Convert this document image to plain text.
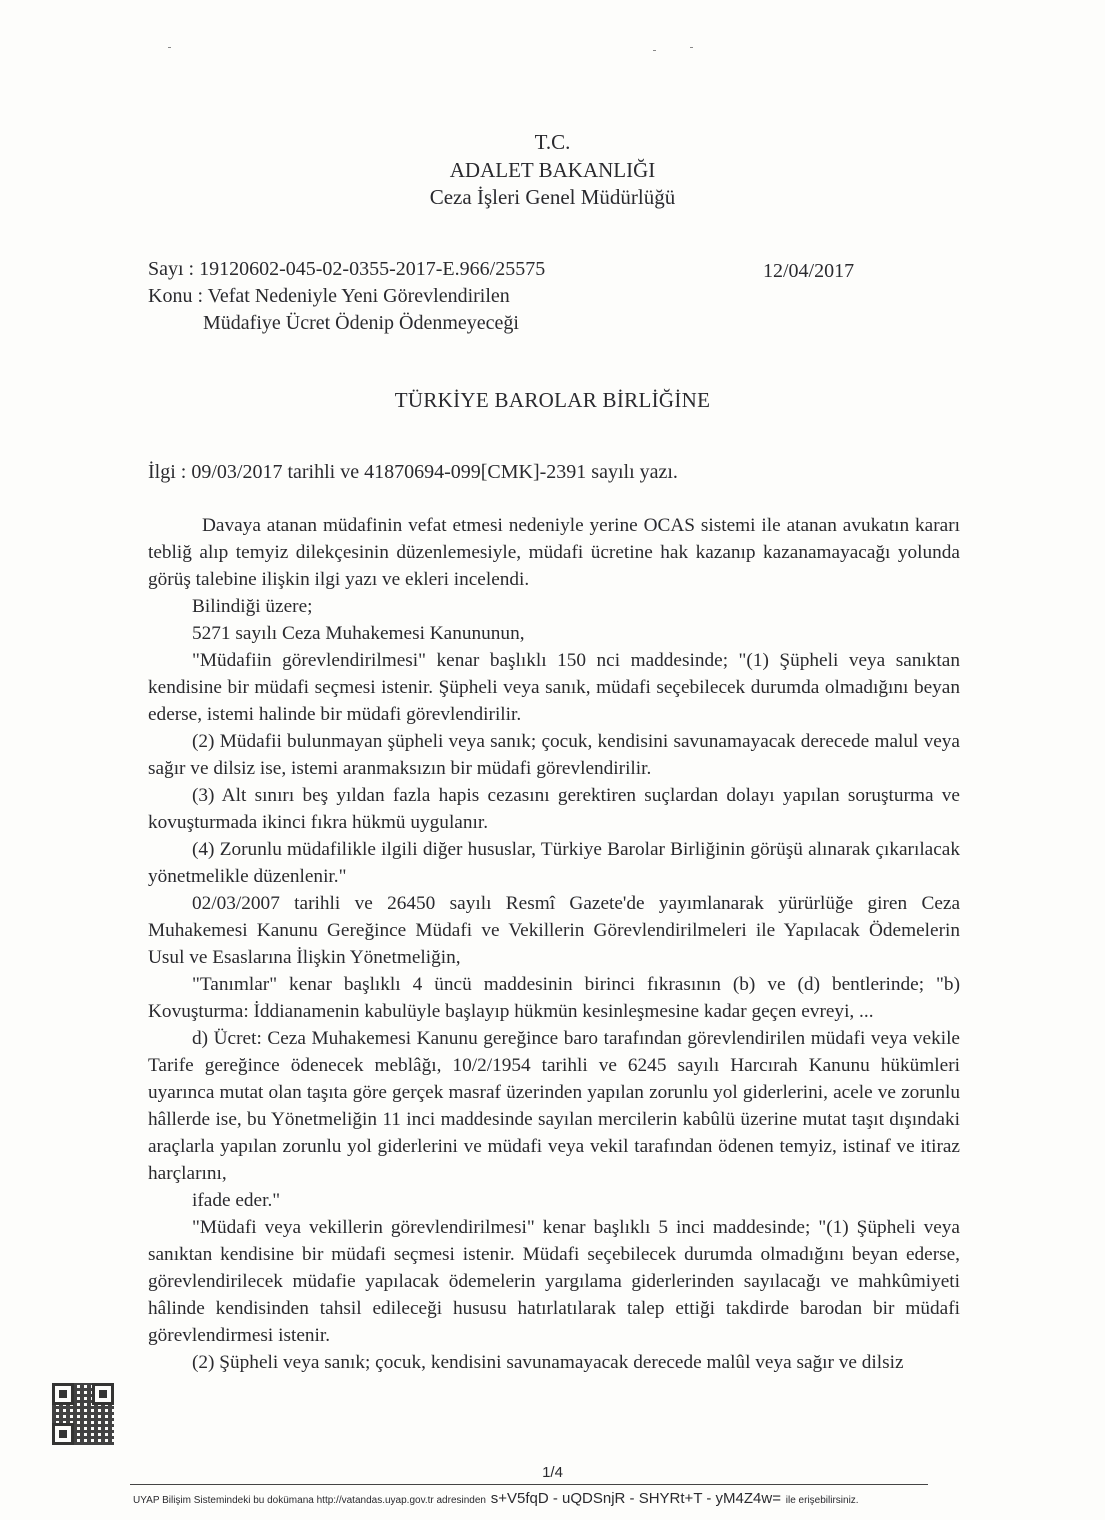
T.C.
ADALET BAKANLIĞI
Ceza İşleri Genel Müdürlüğü
Sayı : 19120602-045-02-0355-2017-E.966/25575	12/04/2017
Konu : Vefat Nedeniyle Yeni Görevlendirilen
Müdafiye Ücret Ödenip Ödenmeyeceği
TÜRKİYE BAROLAR BİRLİĞİNE
İlgi : 09/03/2017 tarihli ve 41870694-099[CMK]-2391 sayılı yazı.

Davaya atanan müdafinin vefat etmesi nedeniyle yerine OCAS sistemi ile atanan avukatın kararı tebliğ alıp temyiz dilekçesinin düzenlemesiyle, müdafi ücretine hak kazanıp kazanamayacağı yolunda görüş talebine ilişkin ilgi yazı ve ekleri incelendi.

Bilindiği üzere;

5271 sayılı Ceza Muhakemesi Kanununun,

"Müdafiin görevlendirilmesi" kenar başlıklı 150 nci maddesinde; "(1) Şüpheli veya sanıktan kendisine bir müdafi seçmesi istenir. Şüpheli veya sanık, müdafi seçebilecek durumda olmadığını beyan ederse, istemi halinde bir müdafi görevlendirilir.

(2) Müdafii bulunmayan şüpheli veya sanık; çocuk, kendisini savunamayacak derecede malul veya sağır ve dilsiz ise, istemi aranmaksızın bir müdafi görevlendirilir.

(3) Alt sınırı beş yıldan fazla hapis cezasını gerektiren suçlardan dolayı yapılan soruşturma ve kovuşturmada ikinci fıkra hükmü uygulanır.

(4) Zorunlu müdafilikle ilgili diğer hususlar, Türkiye Barolar Birliğinin görüşü alınarak çıkarılacak yönetmelikle düzenlenir."

02/03/2007 tarihli ve 26450 sayılı Resmî Gazete'de yayımlanarak yürürlüğe giren Ceza Muhakemesi Kanunu Gereğince Müdafi ve Vekillerin Görevlendirilmeleri ile Yapılacak Ödemelerin Usul ve Esaslarına İlişkin Yönetmeliğin,

"Tanımlar" kenar başlıklı 4 üncü maddesinin birinci fıkrasının (b) ve (d) bentlerinde; "b) Kovuşturma: İddianamenin kabulüyle başlayıp hükmün kesinleşmesine kadar geçen evreyi, ...

d) Ücret: Ceza Muhakemesi Kanunu gereğince baro tarafından görevlendirilen müdafi veya vekile Tarife gereğince ödenecek meblâğı, 10/2/1954 tarihli ve 6245 sayılı Harcırah Kanunu hükümleri uyarınca mutat olan taşıta göre gerçek masraf üzerinden yapılan zorunlu yol giderlerini, acele ve zorunlu hâllerde ise, bu Yönetmeliğin 11 inci maddesinde sayılan mercilerin kabûlü üzerine mutat taşıt dışındaki araçlarla yapılan zorunlu yol giderlerini ve müdafi veya vekil tarafından ödenen temyiz, istinaf ve itiraz harçlarını,

ifade eder."

"Müdafi veya vekillerin görevlendirilmesi" kenar başlıklı 5 inci maddesinde; "(1) Şüpheli veya sanıktan kendisine bir müdafi seçmesi istenir. Müdafi seçebilecek durumda olmadığını beyan ederse, görevlendirilecek müdafie yapılacak ödemelerin yargılama giderlerinden sayılacağı ve mahkûmiyeti hâlinde kendisinden tahsil edileceği hususu hatırlatılarak talep ettiği takdirde barodan bir müdafi görevlendirmesi istenir.

(2) Şüpheli veya sanık; çocuk, kendisini savunamayacak derecede malûl veya sağır ve dilsiz

1/4
UYAP Bilişim Sistemindeki bu dokümana http://vatandas.uyap.gov.tr adresinden s+V5fqD - uQDSnjR - SHYRt+T - yM4Z4w= ile erişebilirsiniz.
